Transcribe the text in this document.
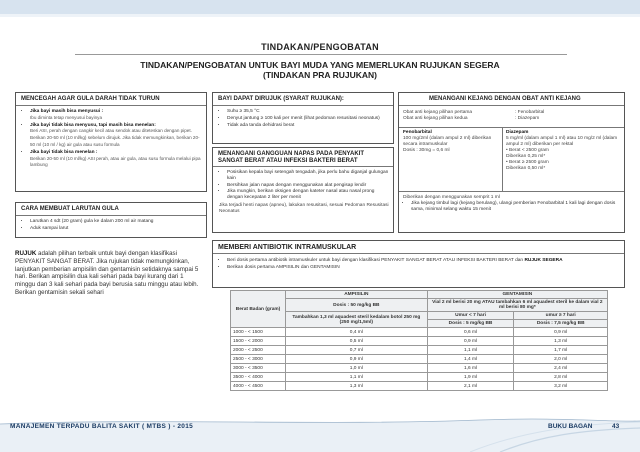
TINDAKAN/PENGOBATAN
TINDAKAN/PENGOBATAN UNTUK BAYI MUDA YANG MEMERLUKAN RUJUKAN SEGERA
(TINDAKAN PRA RUJUKAN)
MENCEGAH AGAR GULA DARAH TIDAK TURUN
• Jika bayi masih bisa menyusui :
Ibu diminta tetap menyusui bayinya
• Jika bayi tidak bisa menyusu, tapi masih bisa menelan:
Beri ASI, perah dengan cangkir kecil atau sendok atau diteteskan dengan pipet. Berikan 20-50 ml (10 ml/kg) sebelum dirujuk. Jika tidak memungkinkan, berikan 20-50 ml (10 ml / kg) air gula atau susu formula
• Jika bayi tidak bisa menelan :
Berikan 20-50 ml (10 ml/kg) ASI perah, atau air gula, atau susu formula melalui pipa lambung
CARA MEMBUAT LARUTAN GULA
• Larutkan 4 sdt (20 gram) gula ke dalam 200 ml air matang
• Aduk sampai larut
BAYI DAPAT DIRUJUK (SYARAT RUJUKAN):
• Suhu ≥ 35,5 °C
• Denyut jantung ≥ 100 kali per menit (lihat pedoman resusitasi neonatus)
• Tidak ada tanda dehidrasi berat
MENANGANI GANGGUAN NAPAS PADA PENYAKIT SANGAT BERAT ATAU INFEKSI BAKTERI BERAT
• Posisikan kepala bayi setengah tengadah, jika perlu bahu diganjal gulungan kain
• Bersihkan jalan napas dengan menggunakan alat pengisap lendir
• Jika mungkin, berikan oksigen dengan kateter nasal atau nasal prong dengan kecepatan 2 liter per menit
Jika terjadi henti napas (apneu), lakukan resusitasi, sesuai Pedoman Resusitasi Neonatus
MENANGANI KEJANG DENGAN OBAT ANTI KEJANG
Obat anti kejang pilihan pertama	: Fenobarbital
Obat anti kejang pilihan kedua	: Diazepam
Fenobarbital
100 mg/2ml (dalam ampul 2 ml) diberikan secara intramuskular
Dosis : 30mg = 0,6 ml
Diazepam
5 mg/ml (dalam ampul 1 ml) atau 10 mg/2 ml (dalam ampul 2 ml) diberikan per rektal
• Berat < 2500 gram
Diberikan 0,25 ml*
• Berat ≥ 2500 gram
Diberikan 0,50 ml*
Diberikan dengan menggunakan semprit 1 ml
• Jika kejang timbul lagi (kejang berulang), ulangi pemberian Fenobarbital 1 kali lagi dengan dosis sama, minimal selang waktu 15 menit
MEMBERI ANTIBIOTIK INTRAMUSKULAR
• Beri dosis pertama antibiotik intramuskuler untuk bayi dengan klasifikasi PENYAKIT SANGAT BERAT ATAU INFEKSI BAKTERI BERAT dan RUJUK SEGERA
• Berikan dosis pertama AMPISILIN dan GENTAMISIN
RUJUK adalah pilihan terbaik untuk bayi dengan klasifikasi PENYAKIT SANGAT BERAT. Jika rujukan tidak memungkinkan, lanjutkan pemberian ampisilin dan gentamisin setidaknya sampai 5 hari. Berikan ampisilin dua kali sehari pada bayi kurang dari 1 minggu dan 3 kali sehari pada bayi berusia satu minggu atau lebih. Berikan gentamisin sekali sehari
Berat Badan (gram)	AMPISILIN	GENTAMISIN	
	Dosis : 50 mg/kg BB	Vial 2 ml berisi 20 mg ATAU tambahkan 6 ml aquadest steril ke dalam vial 2 ml berisi 80 mg*	
	Tambahkan 1,3 ml aquadest steril kedalam botol 250 mg (250 mg/1,5ml)	Umur < 7 hari	umur ≥ 7 hari
		Dosis : 5 mg/kg BB	Dosis : 7,5 mg/kg BB
1000 - < 1500	0,4 ml	0,6 ml	0,9 ml
1500 - < 2000	0,5 ml	0,9 ml	1,3 ml
2000 - < 2500	0,7 ml	1,1 ml	1,7 ml
2500 - < 3000	0,9 ml	1,4 ml	2,0 ml
3000 - < 3500	1,0 ml	1,6 ml	2,4 ml
3500 - < 4000	1,1 ml	1,9 ml	2,8 ml
4000 - < 4500	1,3 ml	2,1 ml	3,2 ml
MANAJEMEN TERPADU BALITA SAKIT ( MTBS ) - 2015	BUKU BAGAN	43
